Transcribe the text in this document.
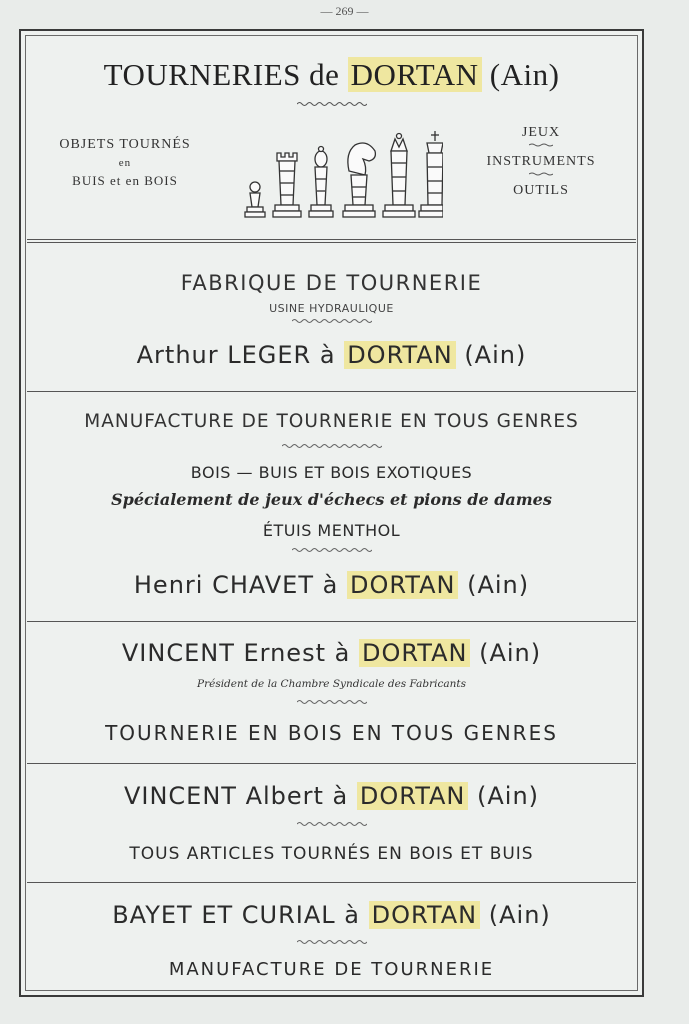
— 269 —
TOURNERIES de DORTAN (Ain)
OBJETS TOURNÉS
en
BUIS et en BOIS
JEUX
INSTRUMENTS
OUTILS
FABRIQUE DE TOURNERIE
USINE HYDRAULIQUE
Arthur LEGER à DORTAN (Ain)
MANUFACTURE DE TOURNERIE EN TOUS GENRES
BOIS — BUIS ET BOIS EXOTIQUES
Spécialement de jeux d'échecs et pions de dames
ÉTUIS MENTHOL
Henri CHAVET à DORTAN (Ain)
VINCENT Ernest à DORTAN (Ain)
Président de la Chambre Syndicale des Fabricants
TOURNERIE EN BOIS EN TOUS GENRES
VINCENT Albert à DORTAN (Ain)
TOUS ARTICLES TOURNÉS EN BOIS ET BUIS
BAYET ET CURIAL à DORTAN (Ain)
MANUFACTURE DE TOURNERIE
